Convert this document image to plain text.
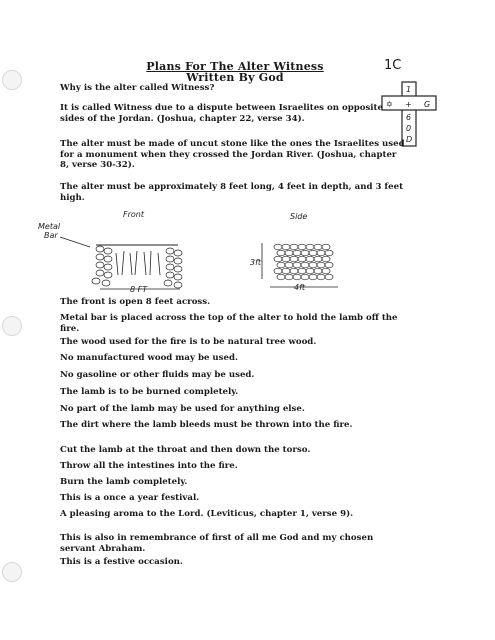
Plans For The Alter Witness
Written By God
1C
1
✡ + G
6
0
D
Why is the alter called Witness?
It is called Witness due to a dispute between Israelites on opposite sides of the Jordan. (Joshua, chapter 22, verse 34).
The alter must be made of uncut stone like the ones the Israelites used for a monument when they crossed the Jordan River. (Joshua, chapter 8, verse 30-32).
The alter must be approximately 8 feet long, 4 feet in depth, and 3 feet high.
Front
Metal
Bar
8 FT
Side
3ft
4ft
The front is open 8 feet across.
Metal bar is placed across the top of the alter to hold the lamb off the fire.
The wood used for the fire is to be natural tree wood.
No manufactured wood may be used.
No gasoline or other fluids may be used.
The lamb is to be burned completely.
No part of the lamb may be used for anything else.
The dirt where the lamb bleeds must be thrown into the fire.
Cut the lamb at the throat and then down the torso.
Throw all the intestines into the fire.
Burn the lamb completely.
This is a once a year festival.
A pleasing aroma to the Lord. (Leviticus, chapter 1, verse 9).
This is also in remembrance of first of all me God and my chosen servant Abraham.
This is a festive occasion.
